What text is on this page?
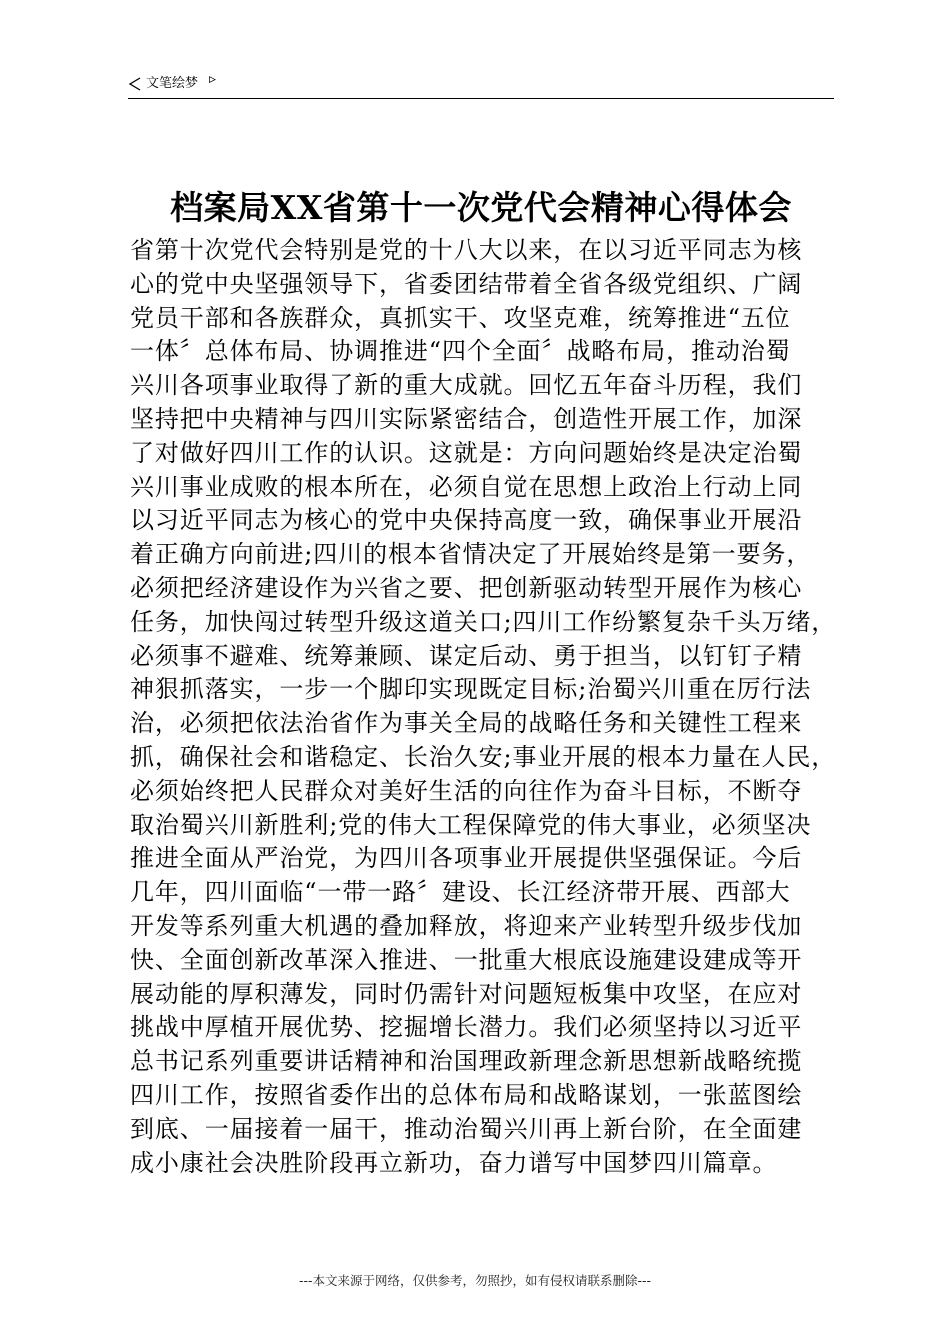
文笔绘梦
档案局XX省第十一次党代会精神心得体会
省第十次党代会特别是党的十八大以来，在以习近平同志为核
心的党中央坚强领导下，省委团结带着全省各级党组织、广阔
党员干部和各族群众，真抓实干、攻坚克难，统筹推进“五位
一体〞总体布局、协调推进“四个全面〞战略布局，推动治蜀
兴川各项事业取得了新的重大成就。回忆五年奋斗历程，我们
坚持把中央精神与四川实际紧密结合，创造性开展工作，加深
了对做好四川工作的认识。这就是：方向问题始终是决定治蜀
兴川事业成败的根本所在，必须自觉在思想上政治上行动上同
以习近平同志为核心的党中央保持高度一致，确保事业开展沿
着正确方向前进;四川的根本省情决定了开展始终是第一要务，
必须把经济建设作为兴省之要、把创新驱动转型开展作为核心
任务，加快闯过转型升级这道关口;四川工作纷繁复杂千头万绪，
必须事不避难、统筹兼顾、谋定后动、勇于担当，以钉钉子精
神狠抓落实，一步一个脚印实现既定目标;治蜀兴川重在厉行法
治，必须把依法治省作为事关全局的战略任务和关键性工程来
抓，确保社会和谐稳定、长治久安;事业开展的根本力量在人民，
必须始终把人民群众对美好生活的向往作为奋斗目标，不断夺
取治蜀兴川新胜利;党的伟大工程保障党的伟大事业，必须坚决
推进全面从严治党，为四川各项事业开展提供坚强保证。今后
几年，四川面临“一带一路〞建设、长江经济带开展、西部大
开发等系列重大机遇的叠加释放，将迎来产业转型升级步伐加
快、全面创新改革深入推进、一批重大根底设施建设建成等开
展动能的厚积薄发，同时仍需针对问题短板集中攻坚，在应对
挑战中厚植开展优势、挖掘增长潜力。我们必须坚持以习近平
总书记系列重要讲话精神和治国理政新理念新思想新战略统揽
四川工作，按照省委作出的总体布局和战略谋划，一张蓝图绘
到底、一届接着一届干，推动治蜀兴川再上新台阶，在全面建
成小康社会决胜阶段再立新功，奋力谱写中国梦四川篇章。
---本文来源于网络，仅供参考，勿照抄，如有侵权请联系删除---
